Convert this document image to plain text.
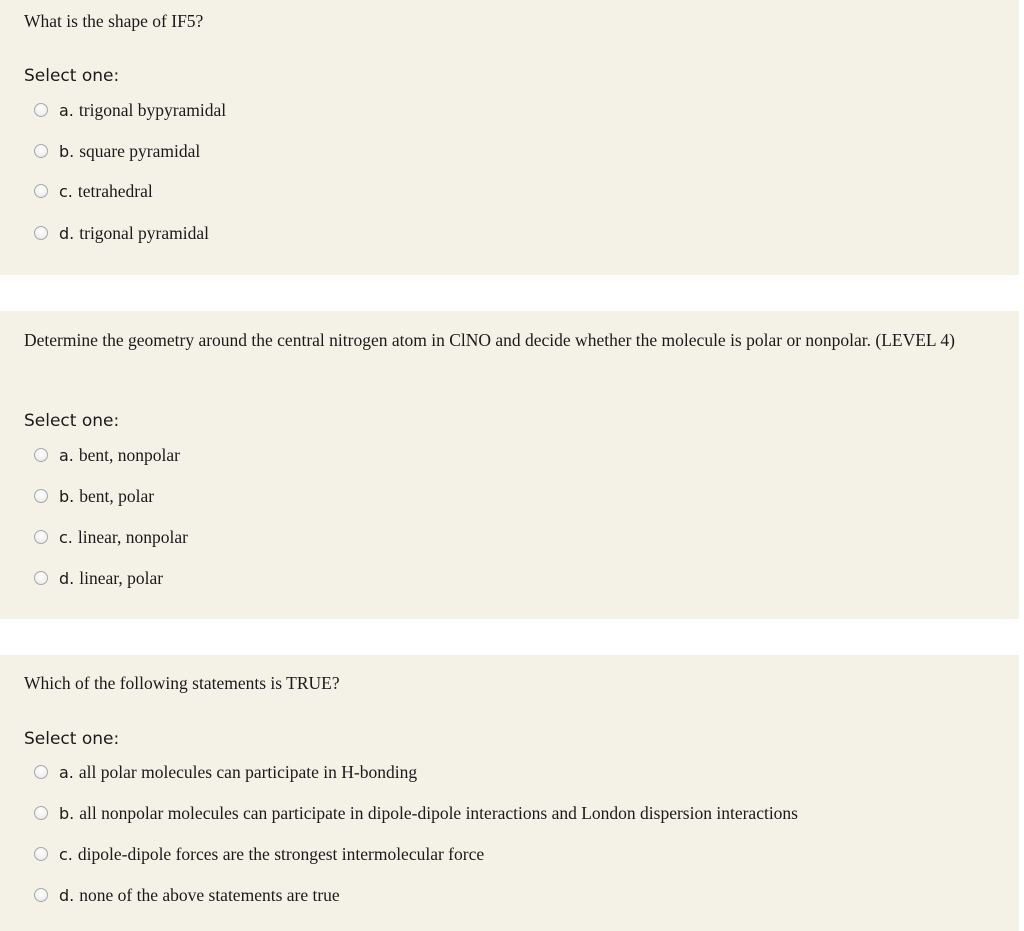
What is the shape of IF5?
Select one:
a. trigonal bypyramidal
b. square pyramidal
c. tetrahedral
d. trigonal pyramidal
Determine the geometry around the central nitrogen atom in ClNO and decide whether the molecule is polar or nonpolar. (LEVEL 4)
Select one:
a. bent, nonpolar
b. bent, polar
c. linear, nonpolar
d. linear, polar
Which of the following statements is TRUE?
Select one:
a. all polar molecules can participate in H-bonding
b. all nonpolar molecules can participate in dipole-dipole interactions and London dispersion interactions
c. dipole-dipole forces are the strongest intermolecular force
d. none of the above statements are true
